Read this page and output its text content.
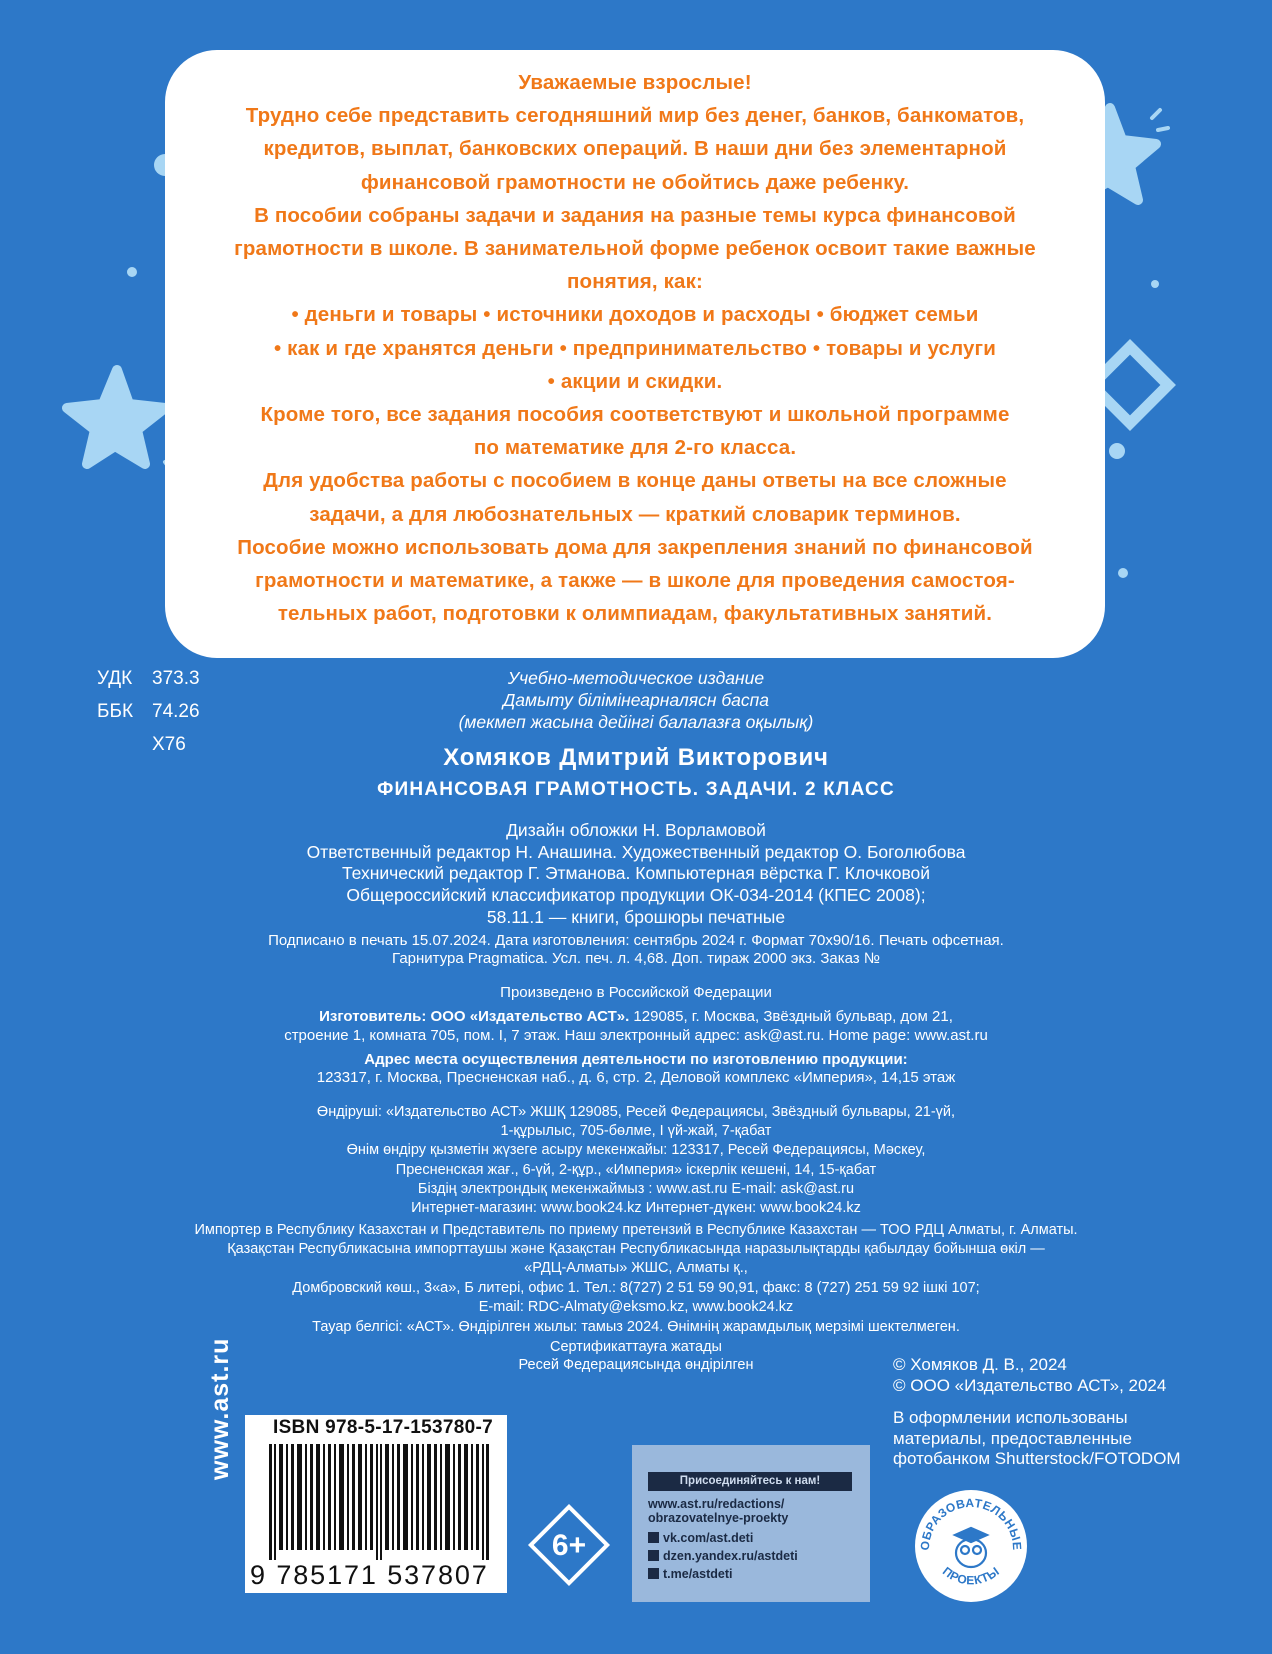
Уважаемые взрослые!

Трудно себе представить сегодняшний мир без денег, банков, банкоматов,

кредитов, выплат, банковских операций. В наши дни без элементарной

финансовой грамотности не обойтись даже ребенку.

В пособии собраны задачи и задания на разные темы курса финансовой

грамотности в школе. В занимательной форме ребенок освоит такие важные

понятия, как:

• деньги и товары • источники доходов и расходы • бюджет семьи

• как и где хранятся деньги • предпринимательство • товары и услуги

• акции и скидки.

Кроме того, все задания пособия соответствуют и школьной программе

по математике для 2-го класса.

Для удобства работы с пособием в конце даны ответы на все сложные

задачи, а для любознательных — краткий словарик терминов.

Пособие можно использовать дома для закрепления знаний по финансовой

грамотности и математике, а также — в школе для проведения самостоя-

тельных работ, подготовки к олимпиадам, факультативных занятий.

УДК	373.3
ББК 74.26
Х76
Учебно-методическое издание
Дамыту білімінеарналясн баспа
(мекмеп жасына дейінгі балалазға оқылық)
Хомяков Дмитрий Викторович
ФИНАНСОВАЯ ГРАМОТНОСТЬ. ЗАДАЧИ. 2 КЛАСС
Дизайн обложки Н. Ворламовой
Ответственный редактор Н. Анашина. Художественный редактор О. Боголюбова
Технический редактор Г. Этманова. Компьютерная вёрстка Г. Клочковой
Общероссийский классификатор продукции ОК-034-2014 (КПЕС 2008);
58.11.1 — книги, брошюры печатные
Подписано в печать 15.07.2024. Дата изготовления: сентябрь 2024 г. Формат 70х90/16. Печать офсетная.
Гарнитура Pragmatica. Усл. печ. л. 4,68. Доп. тираж 2000 экз. Заказ №
Произведено в Российской Федерации
Изготовитель: ООО «Издательство АСТ». 129085, г. Москва, Звёздный бульвар, дом 21,
строение 1, комната 705, пом. I, 7 этаж. Наш электронный адрес: ask@ast.ru. Home page: www.ast.ru
Адрес места осуществления деятельности по изготовлению продукции:
123317, г. Москва, Пресненская наб., д. 6, стр. 2, Деловой комплекс «Империя», 14,15 этаж
Өндіруші: «Издательство АСТ» ЖШҚ 129085, Ресей Федерациясы, Звёздный бульвары, 21-үй,
1-құрылыс, 705-бөлме, I үй-жай, 7-қабат
Өнім өндіру қызметін жүзеге асыру мекенжайы: 123317, Ресей Федерациясы, Мәскеу,
Пресненская жағ., 6-үй, 2-құр., «Империя» іскерлік кешені, 14, 15-қабат
Біздің электрондық мекенжаймыз : www.ast.ru E-mail: ask@ast.ru
Интернет-магазин: www.book24.kz Интернет-дүкен: www.book24.kz
Импортер в Республику Казахстан и Представитель по приему претензий в Республике Казахстан — ТОО РДЦ Алматы, г. Алматы.
Қазақстан Республикасына импорттаушы және Қазақстан Республикасында наразылықтарды қабылдау бойынша өкіл —
«РДЦ-Алматы» ЖШС, Алматы қ.,
Домбровский көш., 3«а», Б литері, офис 1. Тел.: 8(727) 2 51 59 90,91, факс: 8 (727) 251 59 92 ішкі 107;
E-mail: RDC-Almaty@eksmo.kz, www.book24.kz
Тауар белгісі: «АСТ». Өндірілген жылы: тамыз 2024. Өнімнің жарамдылық мерзімі шектелмеген.
Сертификаттауға жатады
Ресей Федерациясында өндірілген	© Хомяков Д. В., 2024
© ООО «Издательство АСТ», 2024
В оформлении использованы
материалы, предоставленные
фотобанком Shutterstock/FOTODOM
www.ast.ru ISBN 978-5-17-153780-7
9 785171 537807
6+
Присоединяйтесь к нам!
www.ast.ru/redactions/
obrazovatelnye-proekty
vk.com/ast.deti
dzen.yandex.ru/astdeti
t.me/astdeti
ОБРАЗОВАТЕЛЬНЫЕ
ПРОЕКТЫ
